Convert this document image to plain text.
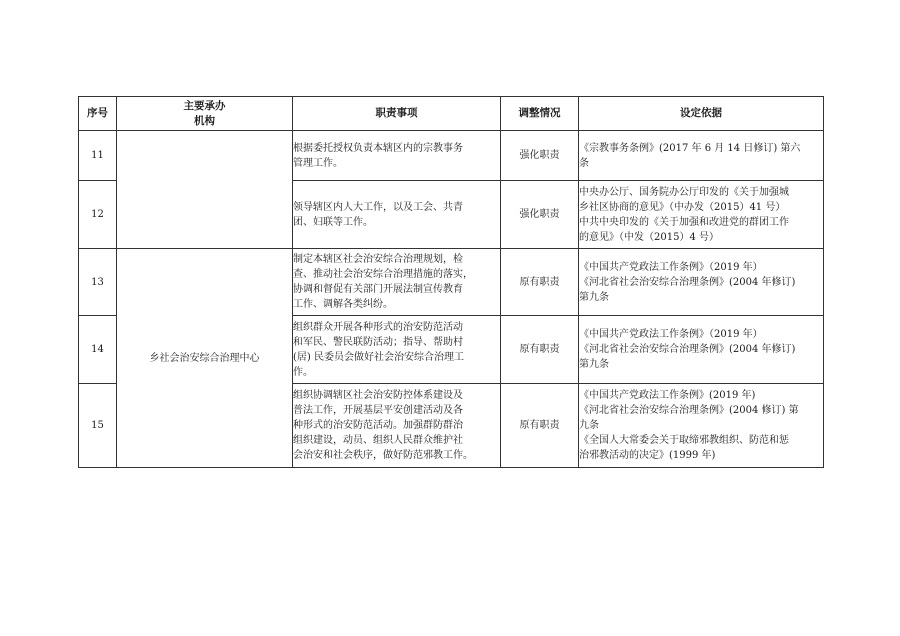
序号	主要承办
机构	职责事项	调整情况	设定依据
11		根据委托授权负责本辖区内的宗教事务
管理工作。	强化职责	《宗教事务条例》(2017 年 6 月 14 日修订) 第六
条

12		领导辖区内人大工作，以及工会、共青
团、妇联等工作。	强化职责	中央办公厅、国务院办公厅印发的《关于加强城
乡社区协商的意见》（中办发（2015）41 号）
中共中央印发的《关于加强和改进党的群团工作
的意见》（中发（2015）4 号）

13	乡社会治安综合治理中心	制定本辖区社会治安综合治理规划，检
查、推动社会治安综合治理措施的落实，
协调和督促有关部门开展法制宣传教育
工作、调解各类纠纷。	原有职责	《中国共产党政法工作条例》（2019 年）
《河北省社会治安综合治理条例》(2004 年修订)
第九条

14		组织群众开展各种形式的治安防范活动
和军民、警民联防活动；指导、帮助村
(居) 民委员会做好社会治安综合治理工
作。	原有职责	《中国共产党政法工作条例》（2019 年）
《河北省社会治安综合治理条例》(2004 年修订)
第九条

15		组织协调辖区社会治安防控体系建设及
普法工作，开展基层平安创建活动及各
种形式的治安防范活动。加强群防群治
组织建设，动员、组织人民群众维护社
会治安和社会秩序，做好防范邪教工作。	原有职责	《中国共产党政法工作条例》(2019 年)
《河北省社会治安综合治理条例》(2004 修订) 第
九条
《全国人大常委会关于取缔邪教组织、防范和惩
治邪教活动的决定》(1999 年)
